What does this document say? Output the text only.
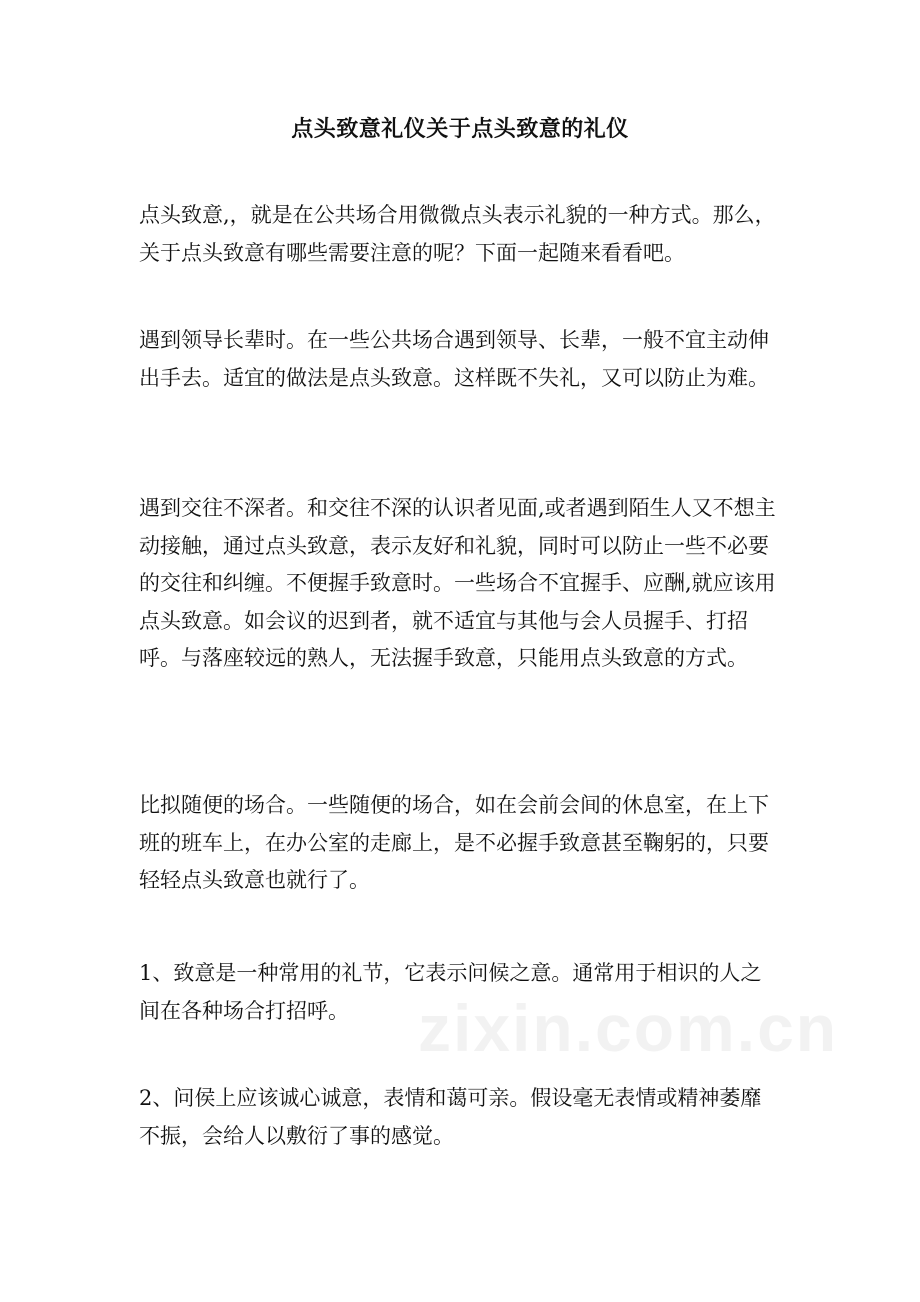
点头致意礼仪关于点头致意的礼仪

点头致意,，就是在公共场合用微微点头表示礼貌的一种方式。那么，关于点头致意有哪些需要注意的呢？下面一起随来看看吧。

遇到领导长辈时。在一些公共场合遇到领导、长辈，一般不宜主动伸出手去。适宜的做法是点头致意。这样既不失礼，又可以防止为难。

遇到交往不深者。和交往不深的认识者见面,或者遇到陌生人又不想主动接触，通过点头致意，表示友好和礼貌，同时可以防止一些不必要的交往和纠缠。不便握手致意时。一些场合不宜握手、应酬,就应该用点头致意。如会议的迟到者，就不适宜与其他与会人员握手、打招呼。与落座较远的熟人，无法握手致意，只能用点头致意的方式。

比拟随便的场合。一些随便的场合，如在会前会间的休息室，在上下班的班车上，在办公室的走廊上，是不必握手致意甚至鞠躬的，只要轻轻点头致意也就行了。

1、致意是一种常用的礼节，它表示问候之意。通常用于相识的人之间在各种场合打招呼。

2、问侯上应该诚心诚意，表情和蔼可亲。假设毫无表情或精神萎靡不振，会给人以敷衍了事的感觉。

zixin.com.cn
